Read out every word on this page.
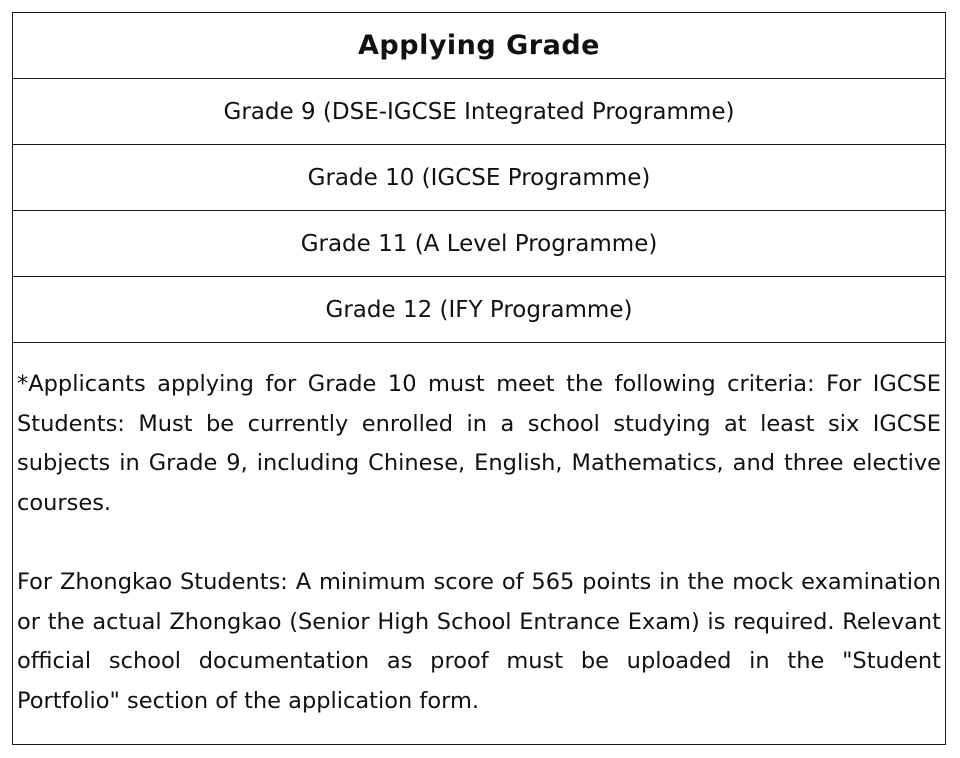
Applying Grade
Grade 9 (DSE-IGCSE Integrated Programme)
Grade 10 (IGCSE Programme)
Grade 11 (A Level Programme)
Grade 12 (IFY Programme)

*Applicants applying for Grade 10 must meet the following criteria: For IGCSE Students: Must be currently enrolled in a school studying at least six IGCSE subjects in Grade 9, including Chinese, English, Mathematics, and three elective courses.

For Zhongkao Students: A minimum score of 565 points in the mock examination or the actual Zhongkao (Senior High School Entrance Exam) is required. Relevant official school documentation as proof must be uploaded in the "Student Portfolio" section of the application form.
